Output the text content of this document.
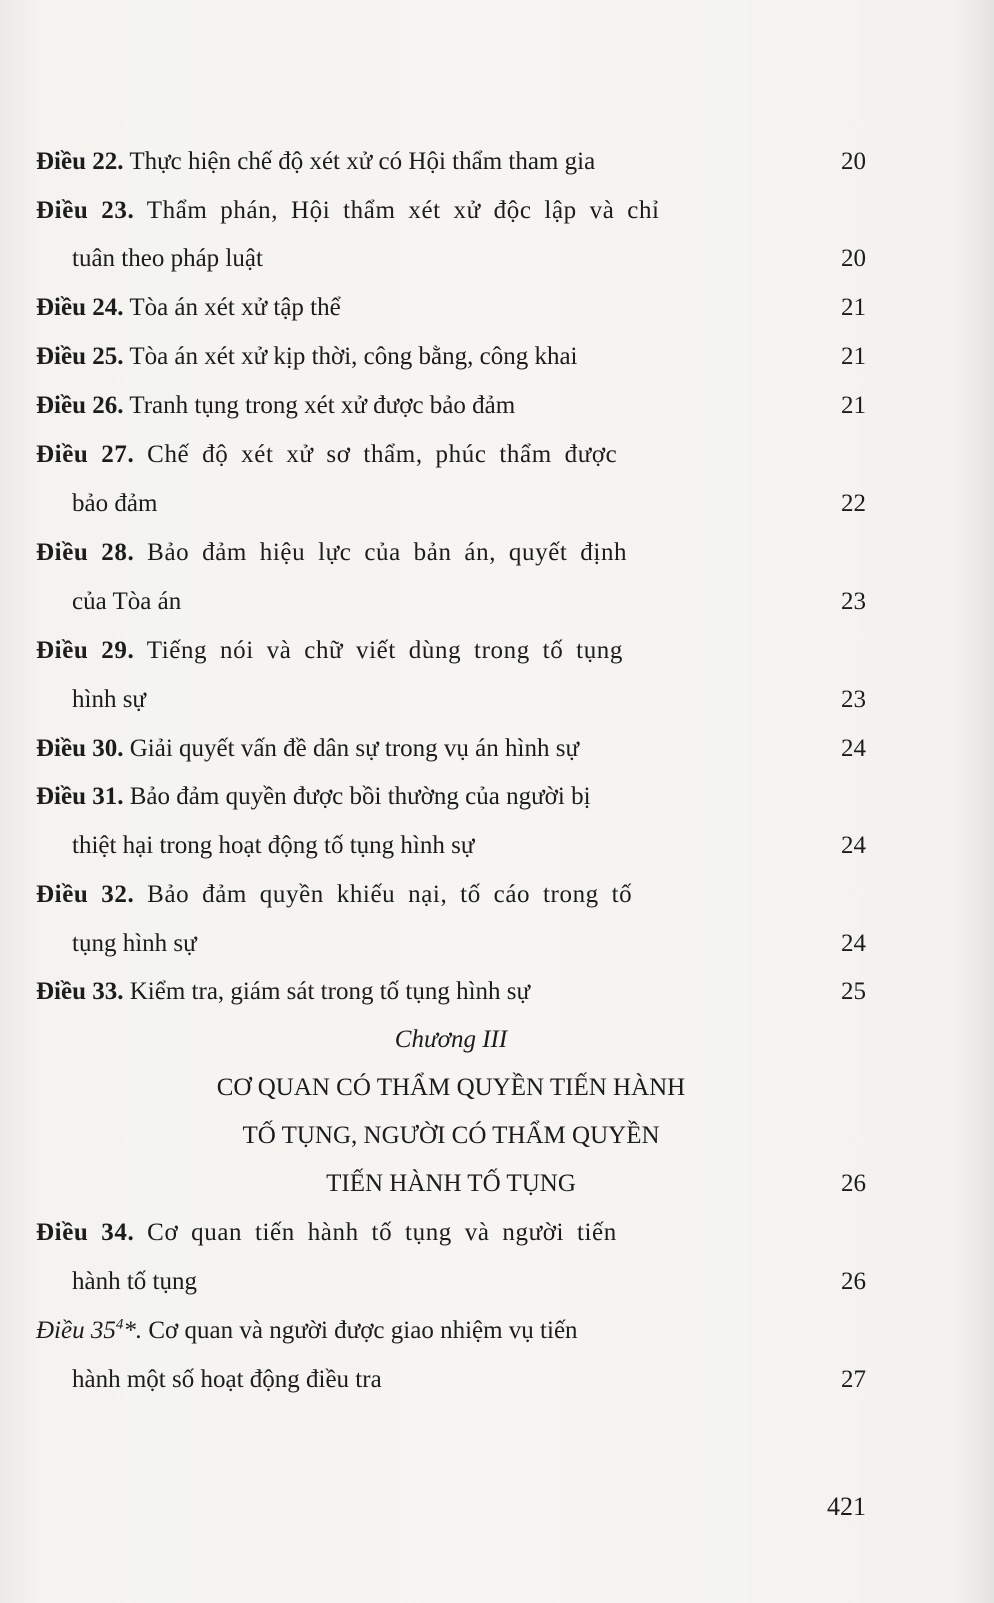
Điều 22. Thực hiện chế độ xét xử có Hội thẩm tham gia	20
Điều 23. Thẩm phán, Hội thẩm xét xử độc lập và chỉ
tuân theo pháp luật	20
Điều 24. Tòa án xét xử tập thể	21
Điều 25. Tòa án xét xử kịp thời, công bằng, công khai	21
Điều 26. Tranh tụng trong xét xử được bảo đảm	21
Điều 27. Chế độ xét xử sơ thẩm, phúc thẩm được
bảo đảm	22
Điều 28. Bảo đảm hiệu lực của bản án, quyết định
của Tòa án	23
Điều 29. Tiếng nói và chữ viết dùng trong tố tụng
hình sự	23
Điều 30. Giải quyết vấn đề dân sự trong vụ án hình sự	24
Điều 31. Bảo đảm quyền được bồi thường của người bị
thiệt hại trong hoạt động tố tụng hình sự	24
Điều 32. Bảo đảm quyền khiếu nại, tố cáo trong tố
tụng hình sự	24
Điều 33. Kiểm tra, giám sát trong tố tụng hình sự	25
Chương III
CƠ QUAN CÓ THẨM QUYỀN TIẾN HÀNH
TỐ TỤNG, NGƯỜI CÓ THẨM QUYỀN
TIẾN HÀNH TỐ TỤNG	26
Điều 34. Cơ quan tiến hành tố tụng và người tiến
hành tố tụng	26
Điều $35^4*$. Cơ quan và người được giao nhiệm vụ tiến
hành một số hoạt động điều tra	27
421
